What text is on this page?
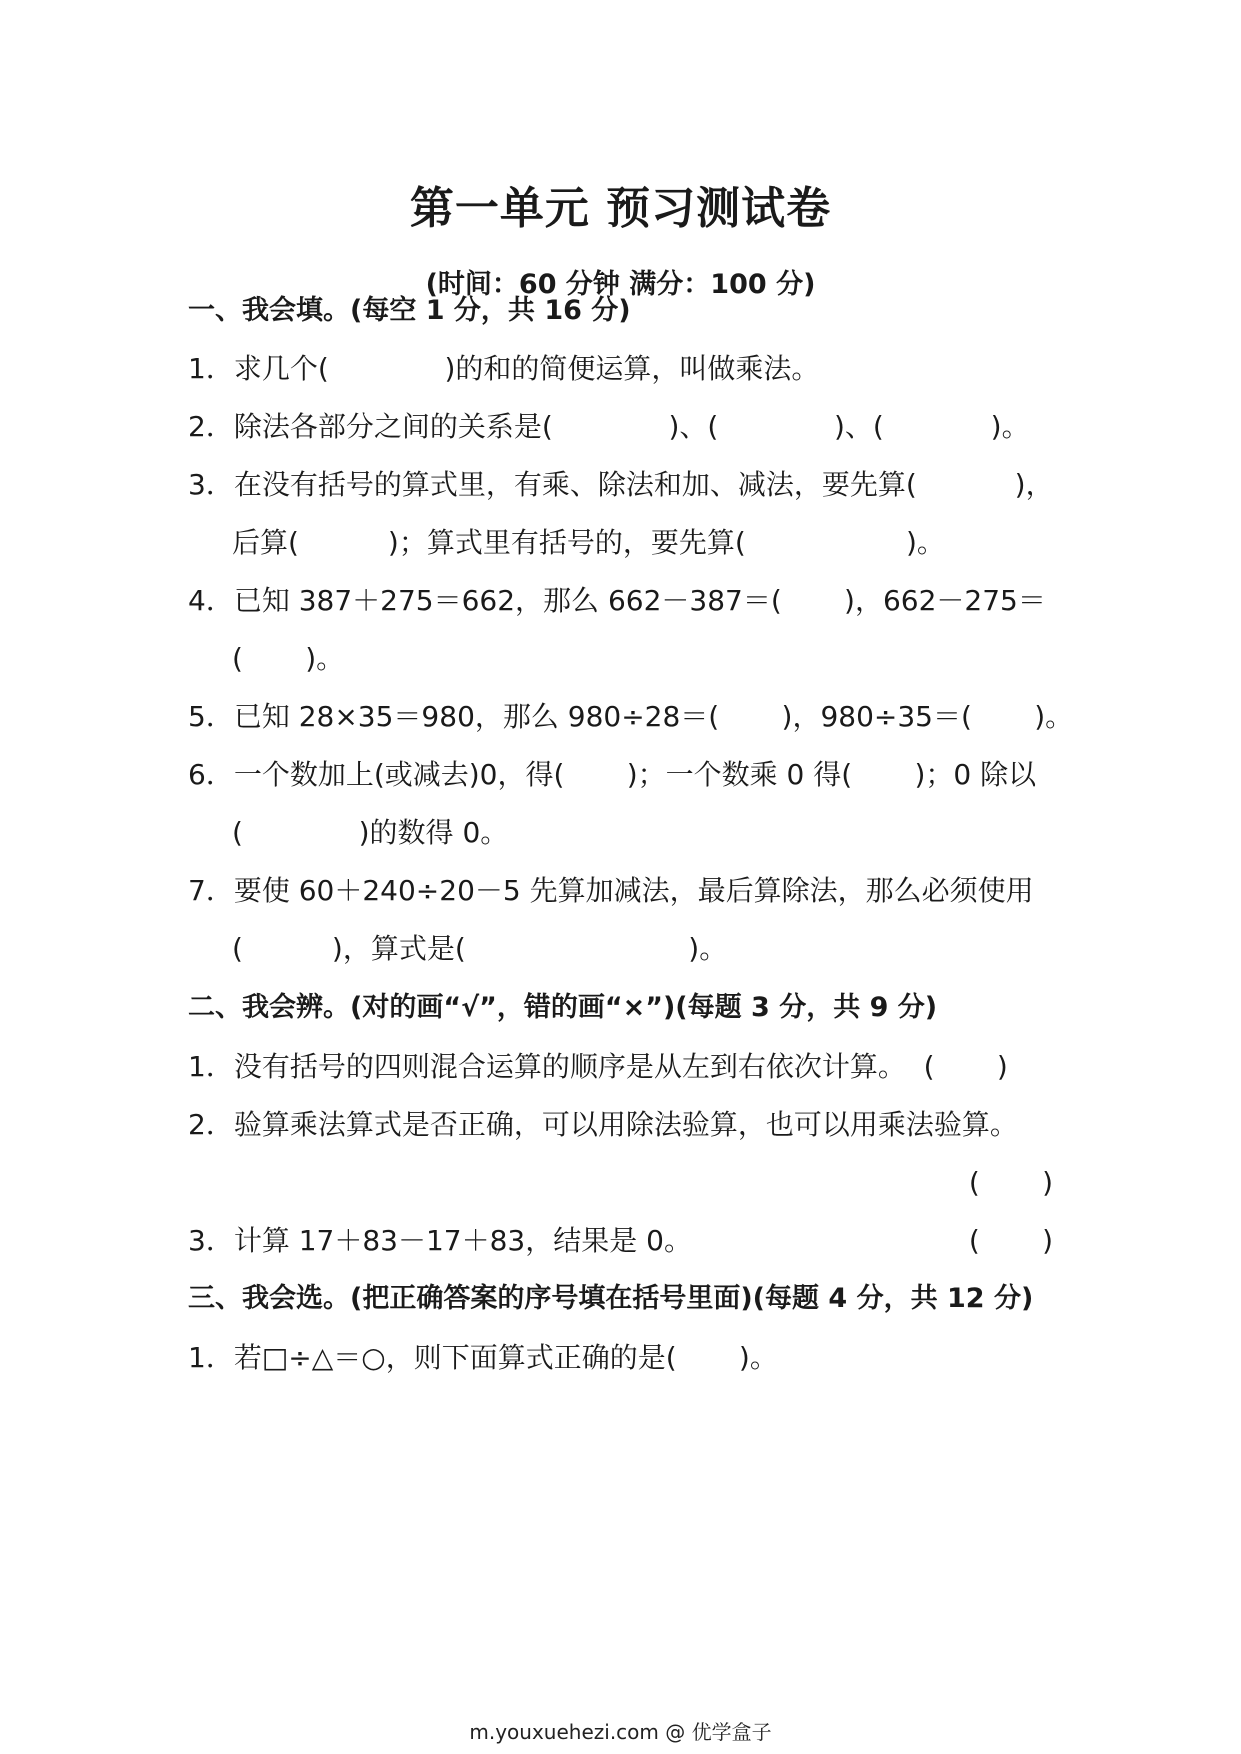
第一单元 预习测试卷
(时间：60 分钟 满分：100 分)
一、我会填。(每空 1 分，共 16 分)
1．求几个(             )的和的简便运算，叫做乘法。
2．除法各部分之间的关系是(             )、(             )、(            )。
3．在没有括号的算式里，有乘、除法和加、减法，要先算(           )，
后算(          )；算式里有括号的，要先算(                  )。
4．已知 387＋275＝662，那么 662－387＝(       )，662－275＝
(       )。
5．已知 28×35＝980，那么 980÷28＝(       )，980÷35＝(       )。
6．一个数加上(或减去)0，得(       )；一个数乘 0 得(       )；0 除以
(             )的数得 0。
7．要使 60＋240÷20－5 先算加减法，最后算除法，那么必须使用
(          )，算式是(                         )。
二、我会辨。(对的画“√”，错的画“×”)(每题 3 分，共 9 分)
1．没有括号的四则混合运算的顺序是从左到右依次计算。  (       )
2．验算乘法算式是否正确，可以用除法验算，也可以用乘法验算。
(       )
3．计算 17＋83－17＋83，结果是 0。	(       )
三、我会选。(把正确答案的序号填在括号里面)(每题 4 分，共 12 分)
1．若□÷△＝○，则下面算式正确的是(       )。
m.youxuehezi.com @ 优学盒子
